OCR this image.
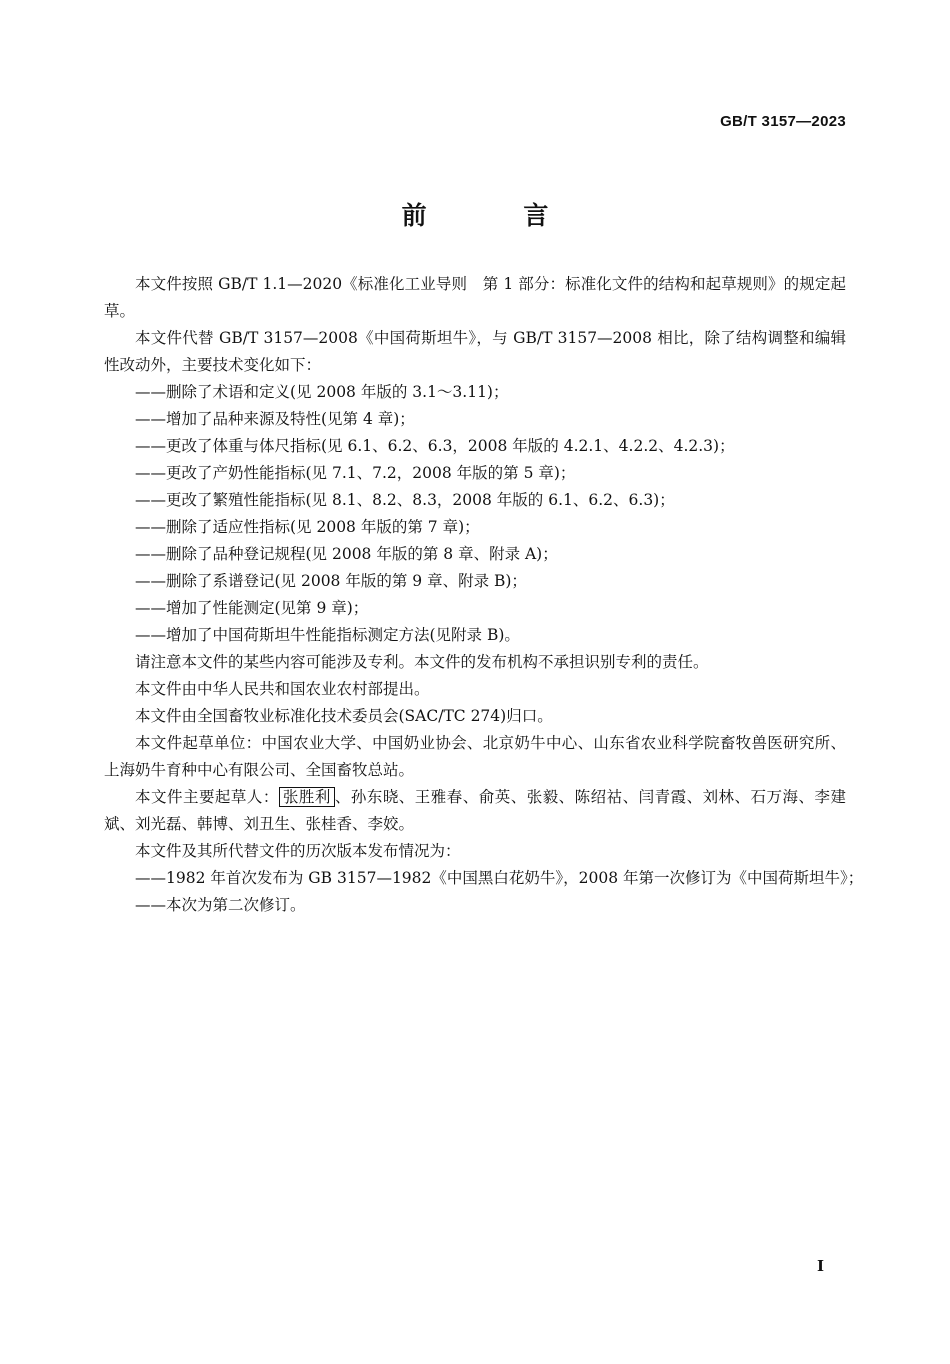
GB/T 3157—2023
前 言

本文件按照 GB/T 1.1—2020《标准化工业导则　第 1 部分：标准化文件的结构和起草规则》的规定起草。

本文件代替 GB/T 3157—2008《中国荷斯坦牛》，与 GB/T 3157—2008 相比，除了结构调整和编辑性改动外，主要技术变化如下：

——删除了术语和定义(见 2008 年版的 3.1～3.11)；

——增加了品种来源及特性(见第 4 章)；

——更改了体重与体尺指标(见 6.1、6.2、6.3，2008 年版的 4.2.1、4.2.2、4.2.3)；

——更改了产奶性能指标(见 7.1、7.2，2008 年版的第 5 章)；

——更改了繁殖性能指标(见 8.1、8.2、8.3，2008 年版的 6.1、6.2、6.3)；

——删除了适应性指标(见 2008 年版的第 7 章)；

——删除了品种登记规程(见 2008 年版的第 8 章、附录 A)；

——删除了系谱登记(见 2008 年版的第 9 章、附录 B)；

——增加了性能测定(见第 9 章)；

——增加了中国荷斯坦牛性能指标测定方法(见附录 B)。

请注意本文件的某些内容可能涉及专利。本文件的发布机构不承担识别专利的责任。

本文件由中华人民共和国农业农村部提出。

本文件由全国畜牧业标准化技术委员会(SAC/TC 274)归口。

本文件起草单位：中国农业大学、中国奶业协会、北京奶牛中心、山东省农业科学院畜牧兽医研究所、上海奶牛育种中心有限公司、全国畜牧总站。

本文件主要起草人： 张胜利 、孙东晓、王雅春、俞英、张毅、陈绍祜、闫青霞、刘林、石万海、李建斌、刘光磊、韩博、刘丑生、张桂香、李姣。

本文件及其所代替文件的历次版本发布情况为：

——1982 年首次发布为 GB 3157—1982《中国黑白花奶牛》，2008 年第一次修订为《中国荷斯坦牛》；

——本次为第二次修订。

I
